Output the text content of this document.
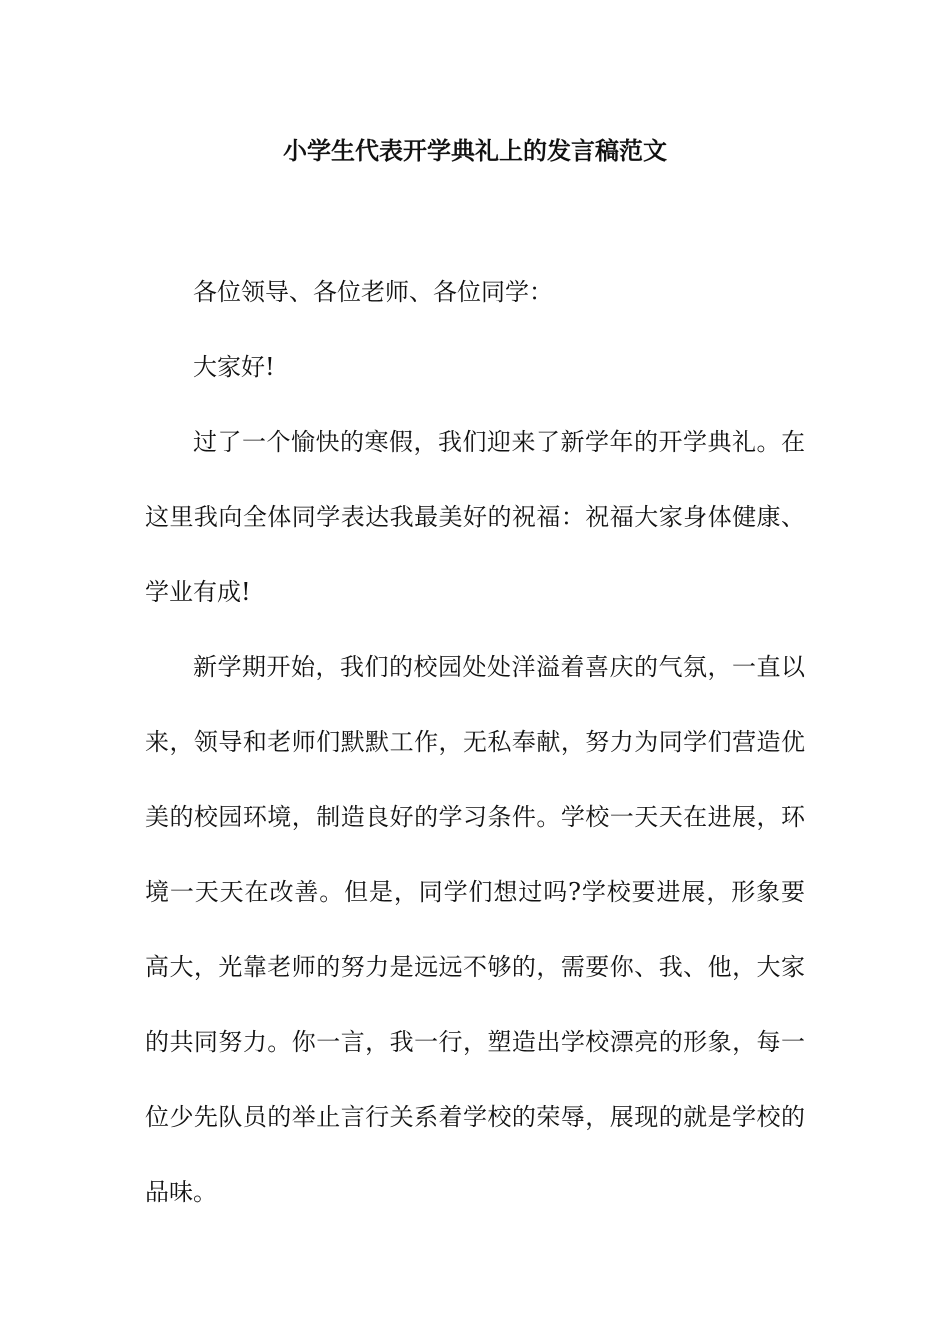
小学生代表开学典礼上的发言稿范文

各位领导、各位老师、各位同学：

大家好!

过了一个愉快的寒假，我们迎来了新学年的开学典礼。在这里我向全体同学表达我最美好的祝福：祝福大家身体健康、学业有成!

新学期开始，我们的校园处处洋溢着喜庆的气氛，一直以来，领导和老师们默默工作，无私奉献，努力为同学们营造优美的校园环境，制造良好的学习条件。学校一天天在进展，环境一天天在改善。但是，同学们想过吗?学校要进展，形象要高大，光靠老师的努力是远远不够的，需要你、我、他，大家的共同努力。你一言，我一行，塑造出学校漂亮的形象，每一位少先队员的举止言行关系着学校的荣辱，展现的就是学校的品味。
